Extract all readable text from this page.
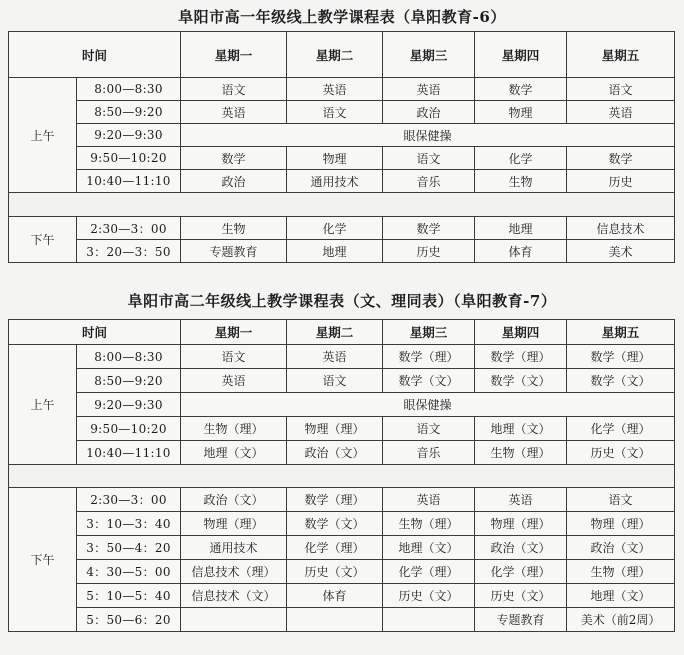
阜阳市高一年级线上教学课程表（阜阳教育-6）
时间		星期一	星期二	星期三	星期四	星期五
上午	8:00—8:30	语文	英语	英语	数学	语文
	8:50—9:20	英语	语文	政治	物理	英语
	9:20—9:30	眼保健操				
	9:50—10:20	数学	物理	语文	化学	数学
	10:40—11:10	政治	通用技术	音乐	生物	历史

下午	2:30—3：00	生物	化学	数学	地理	信息技术
	3：20—3：50	专题教育	地理	历史	体育	美术
阜阳市高二年级线上教学课程表（文、理同表）（阜阳教育-7）
时间		星期一	星期二	星期三	星期四	星期五
上午	8:00—8:30	语文	英语	数学（理）	数学（理）	数学（理）
	8:50—9:20	英语	语文	数学（文）	数学（文）	数学（文）
	9:20—9:30	眼保健操				
	9:50—10:20	生物（理）	物理（理）	语文	地理（文）	化学（理）
	10:40—11:10	地理（文）	政治（文）	音乐	生物（理）	历史（文）

下午	2:30—3：00	政治（文）	数学（理）	英语	英语	语文
	3：10—3：40	物理（理）	数学（文）	生物（理）	物理（理）	物理（理）
	3：50—4：20	通用技术	化学（理）	地理（文）	政治（文）	政治（文）
	4：30—5：00	信息技术（理）	历史（文）	化学（理）	化学（理）	生物（理）
	5：10—5：40	信息技术（文）	体育	历史（文）	历史（文）	地理（文）
	5：50—6：20				专题教育	美术（前2周）
